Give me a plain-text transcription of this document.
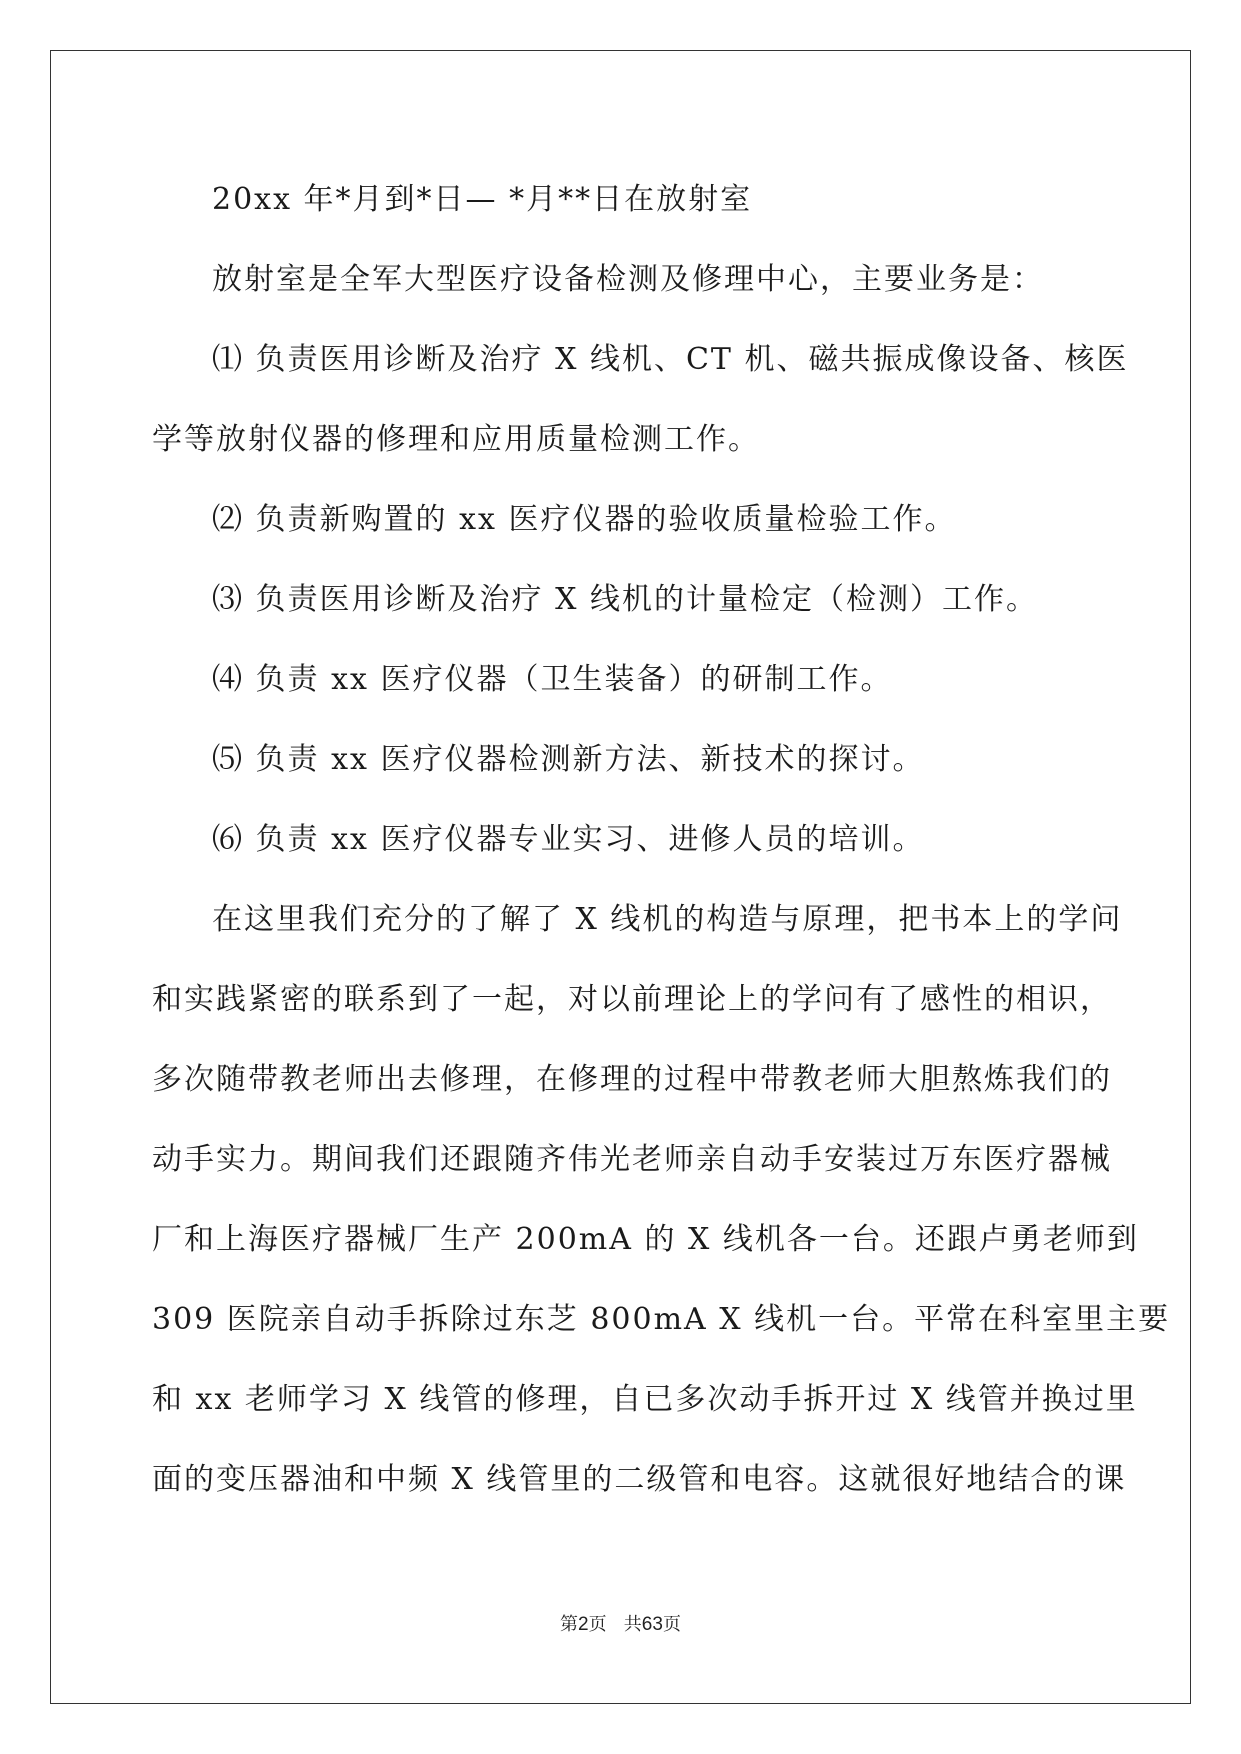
20xx 年*月到*日— *月**日在放射室
放射室是全军大型医疗设备检测及修理中心，主要业务是：
⑴ 负责医用诊断及治疗 X 线机、CT 机、磁共振成像设备、核医
学等放射仪器的修理和应用质量检测工作。
⑵ 负责新购置的 xx 医疗仪器的验收质量检验工作。
⑶ 负责医用诊断及治疗 X 线机的计量检定（检测）工作。
⑷ 负责 xx 医疗仪器（卫生装备）的研制工作。
⑸ 负责 xx 医疗仪器检测新方法、新技术的探讨。
⑹ 负责 xx 医疗仪器专业实习、进修人员的培训。
在这里我们充分的了解了 X 线机的构造与原理，把书本上的学问
和实践紧密的联系到了一起，对以前理论上的学问有了感性的相识，
多次随带教老师出去修理，在修理的过程中带教老师大胆熬炼我们的
动手实力。期间我们还跟随齐伟光老师亲自动手安装过万东医疗器械
厂和上海医疗器械厂生产 200mA 的 X 线机各一台。还跟卢勇老师到
309 医院亲自动手拆除过东芝 800mA X 线机一台。平常在科室里主要
和 xx 老师学习 X 线管的修理，自已多次动手拆开过 X 线管并换过里
面的变压器油和中频 X 线管里的二级管和电容。这就很好地结合的课
第2页 共63页
